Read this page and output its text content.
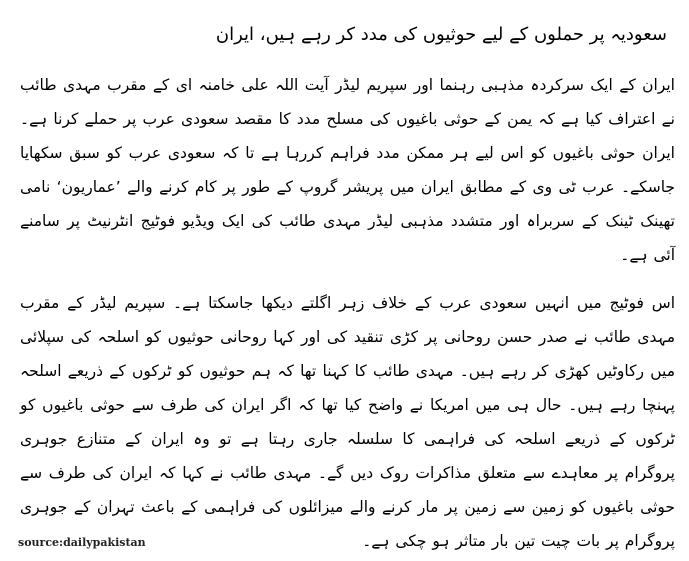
سعودیہ پر حملوں کے لیے حوثیوں کی مدد کر رہے ہیں، ایران

ایران کے ایک سرکردہ مذہبی رہنما اور سپریم لیڈر آیت اللہ علی خامنہ ای کے مقرب مہدی طائب نے اعتراف کیا ہے کہ یمن کے حوثی باغیوں کی مسلح مدد کا مقصد سعودی عرب پر حملے کرنا ہے۔ ایران حوثی باغیوں کو اس لیے ہر ممکن مدد فراہم کررہا ہے تا کہ سعودی عرب کو سبق سکھایا جاسکے۔ عرب ٹی وی کے مطابق ایران میں پریشر گروپ کے طور پر کام کرنے والے ’عماریون‘ نامی تھینک ٹینک کے سربراہ اور متشدد مذہبی لیڈر مہدی طائب کی ایک ویڈیو فوٹیج انٹرنیٹ پر سامنے آئی ہے۔

اس فوٹیج میں انہیں سعودی عرب کے خلاف زہر اگلتے دیکھا جاسکتا ہے۔ سپریم لیڈر کے مقرب مہدی طائب نے صدر حسن روحانی پر کڑی تنقید کی اور کہا روحانی حوثیوں کو اسلحہ کی سپلائی میں رکاوٹیں کھڑی کر رہے ہیں۔ مہدی طائب کا کہنا تھا کہ ہم حوثیوں کو ٹرکوں کے ذریعے اسلحہ پہنچا رہے ہیں۔ حال ہی میں امریکا نے واضح کیا تھا کہ اگر ایران کی طرف سے حوثی باغیوں کو ٹرکوں کے ذریعے اسلحہ کی فراہمی کا سلسلہ جاری رہتا ہے تو وہ ایران کے متنازع جوہری پروگرام پر معاہدے سے متعلق مذاکرات روک دیں گے۔ مہدی طائب نے کہا کہ ایران کی طرف سے حوثی باغیوں کو زمین سے زمین پر مار کرنے والے میزائلوں کی فراہمی کے باعث تہران کے جوہری پروگرام پر بات چیت تین بار متاثر ہو چکی ہے۔

source:dailypakistan
